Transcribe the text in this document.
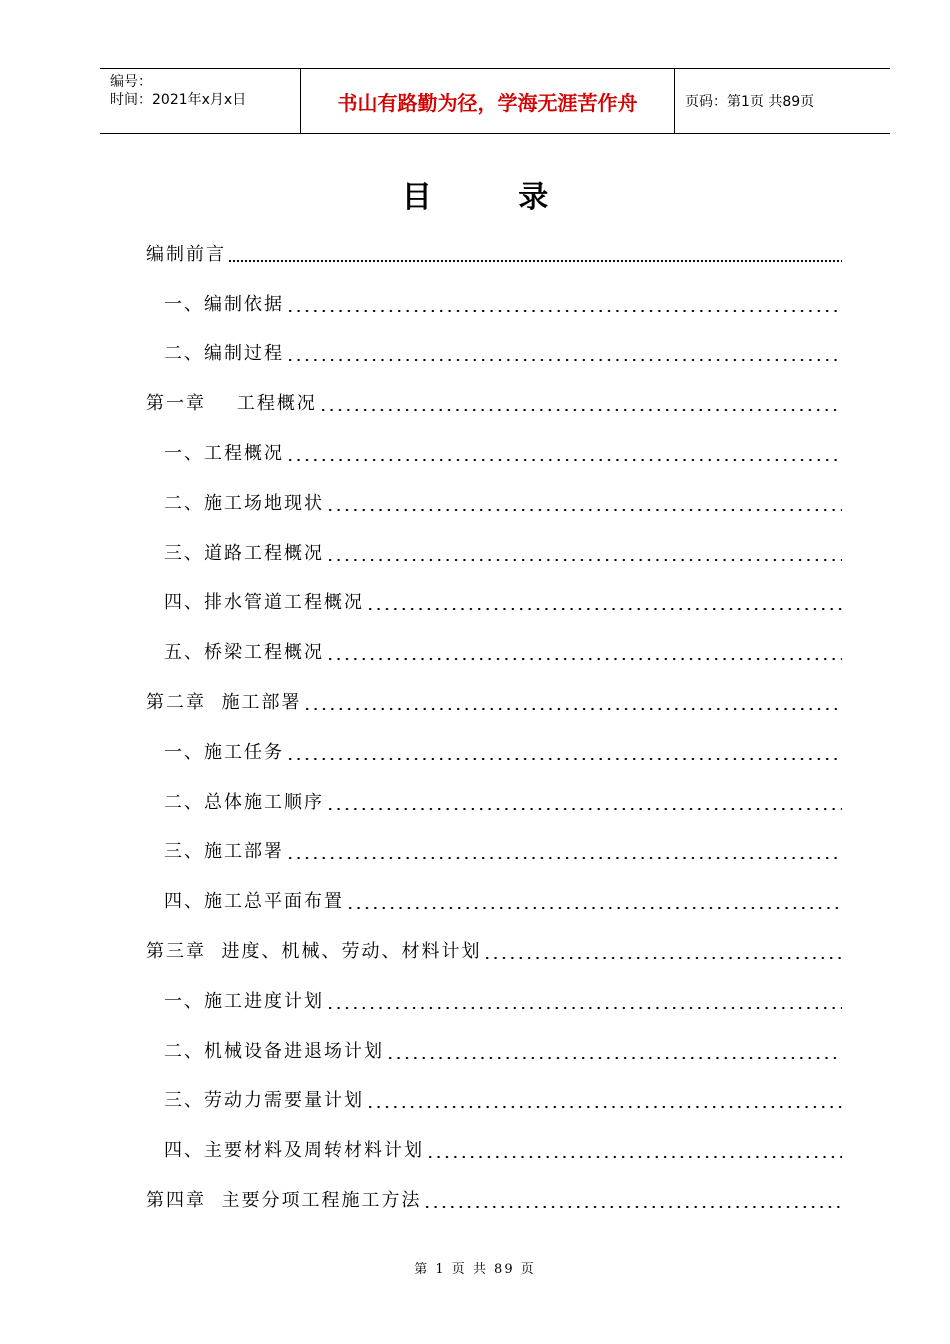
编号：
时间：2021年x月x日	书山有路勤为径，学海无涯苦作舟	页码：第1页 共89页
目 录
编制前言
一、编制依据
二、编制过程
第一章    工程概况
一、工程概况
二、施工场地现状
三、道路工程概况
四、排水管道工程概况
五、桥梁工程概况
第二章  施工部署
一、施工任务
二、总体施工顺序
三、施工部署
四、施工总平面布置
第三章  进度、机械、劳动、材料计划
一、施工进度计划
二、机械设备进退场计划
三、劳动力需要量计划
四、主要材料及周转材料计划
第四章  主要分项工程施工方法
第 1 页 共 89 页
